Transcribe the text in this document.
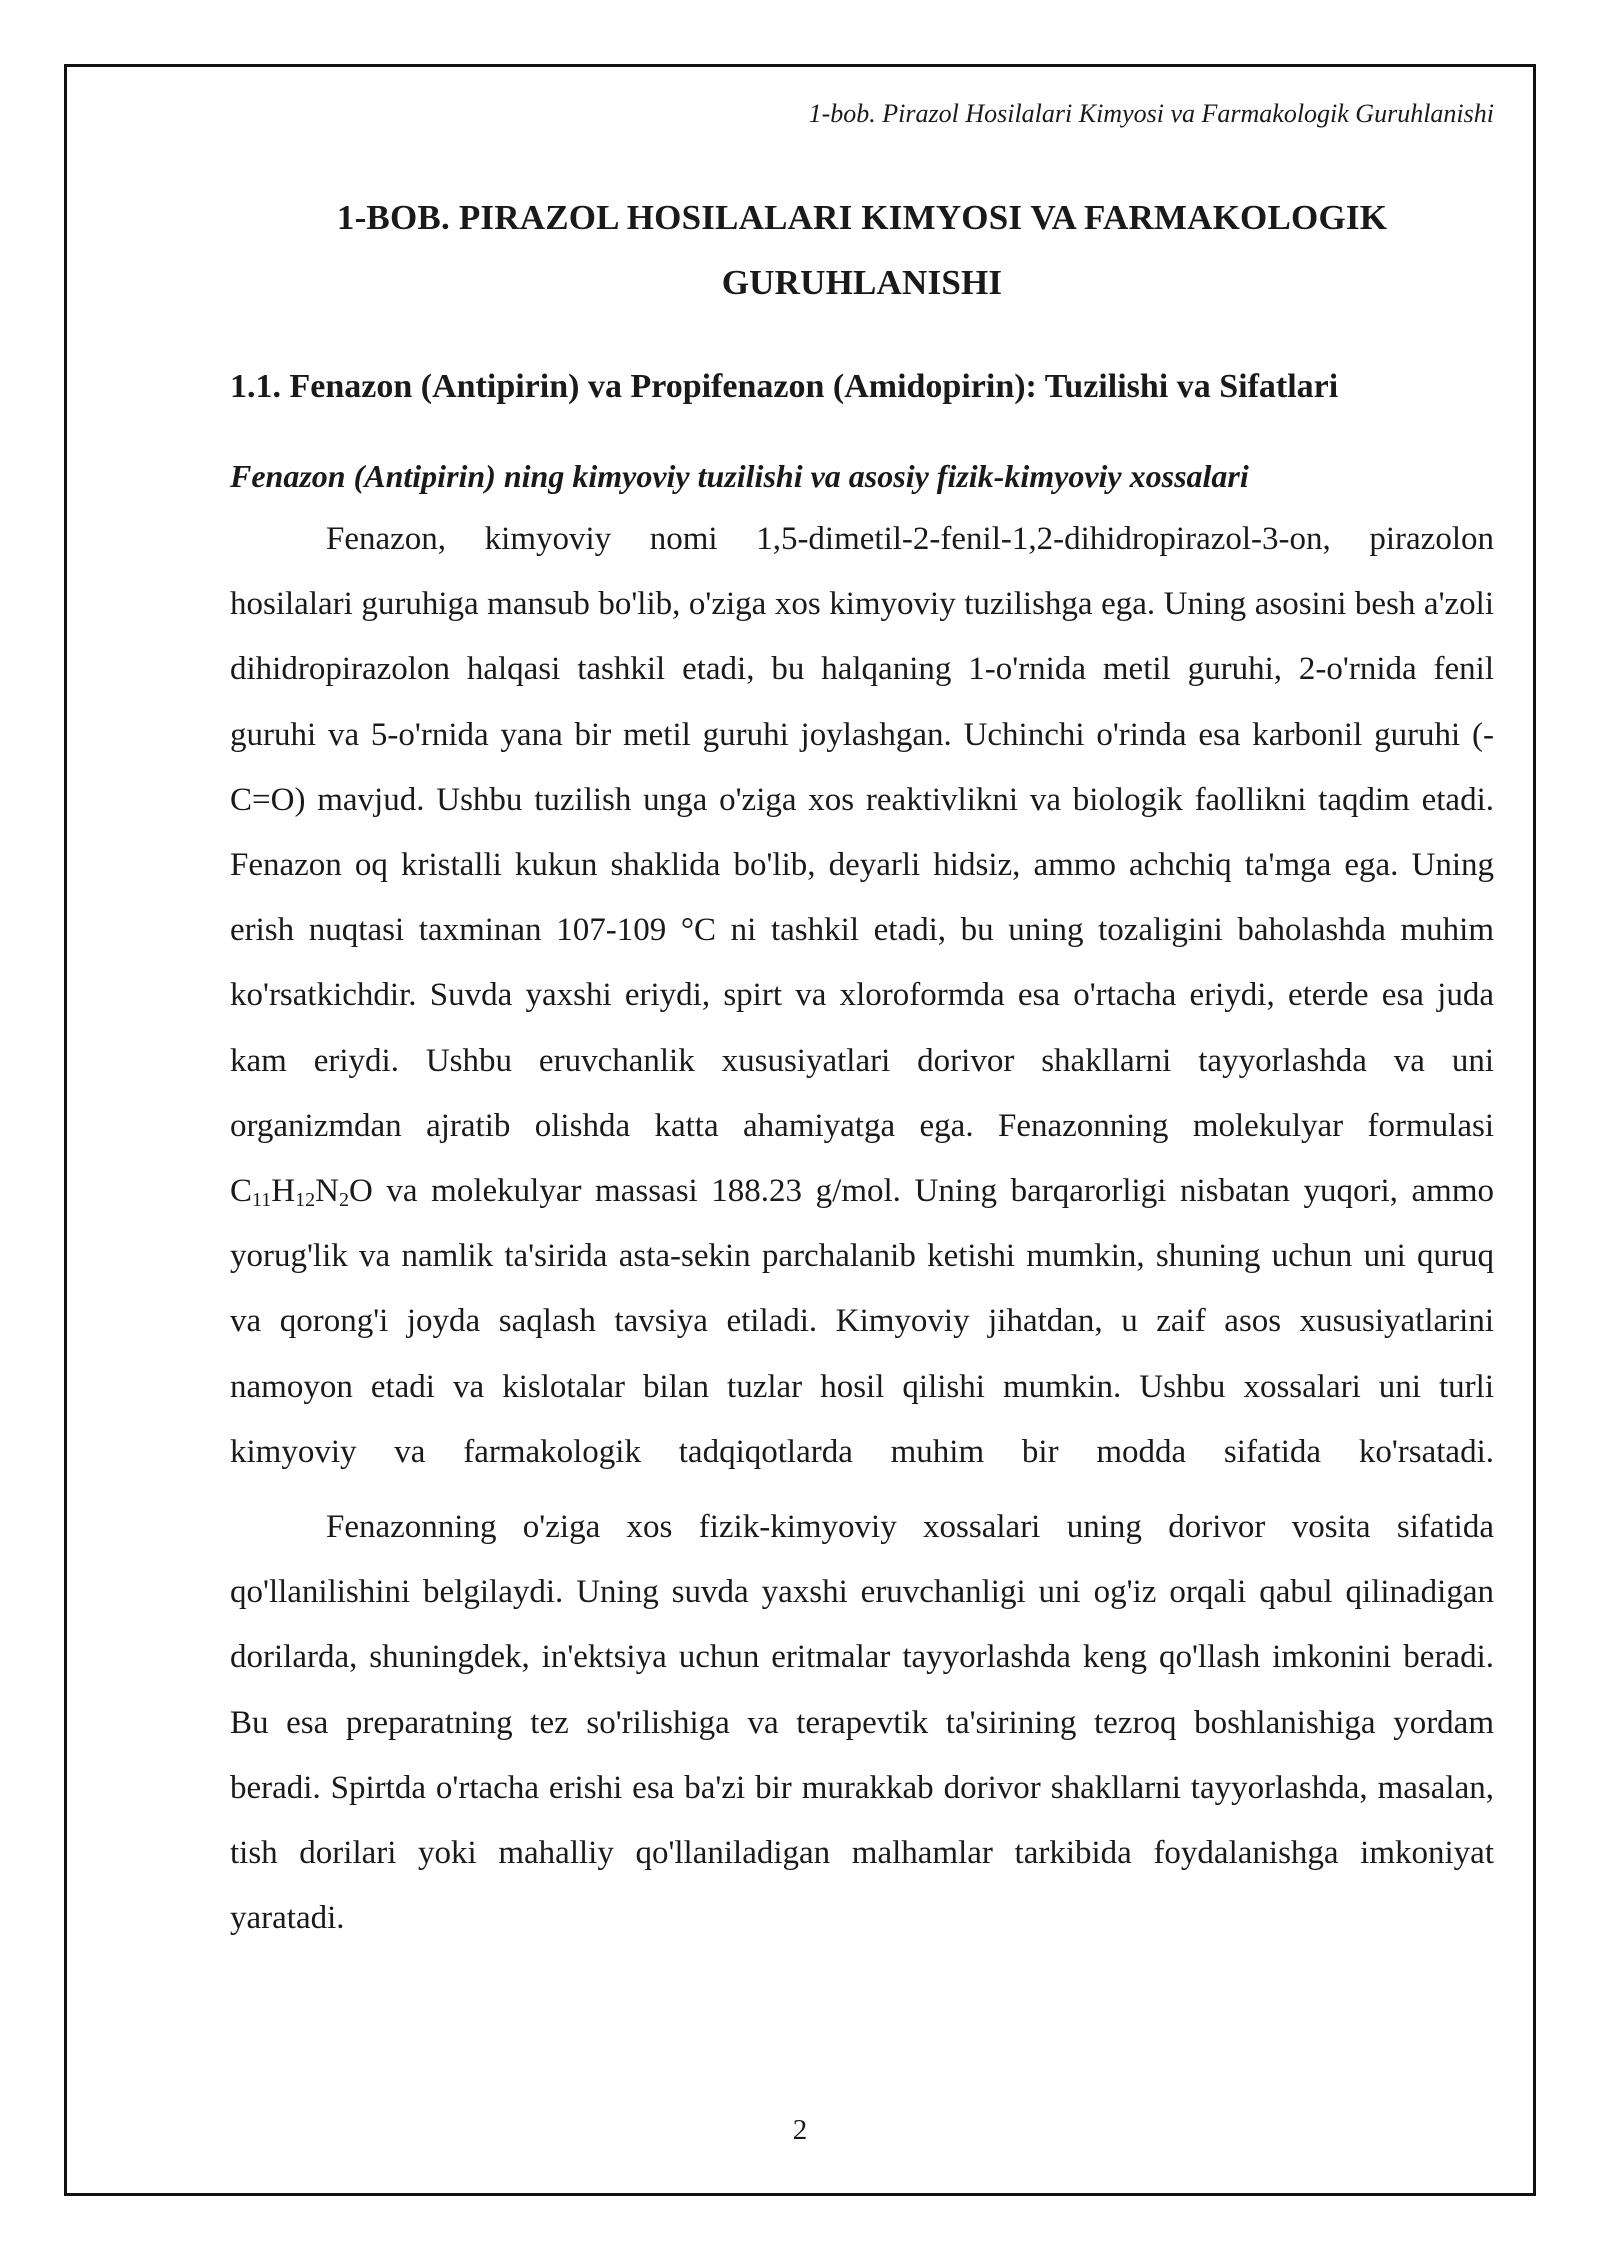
1-bob. Pirazol Hosilalari Kimyosi va Farmakologik Guruhlanishi
1-BOB. PIRAZOL HOSILALARI KIMYOSI VA FARMAKOLOGIK
GURUHLANISHI
1.1. Fenazon (Antipirin) va Propifenazon (Amidopirin): Tuzilishi va Sifatlari
Fenazon (Antipirin) ning kimyoviy tuzilishi va asosiy fizik-kimyoviy xossalari

Fenazon, kimyoviy nomi 1,5-dimetil-2-fenil-1,2-dihidropirazol-3-on, pirazolon hosilalari guruhiga mansub bo'lib, o'ziga xos kimyoviy tuzilishga ega. Uning asosini besh a'zoli dihidropirazolon halqasi tashkil etadi, bu halqaning 1-o'rnida metil guruhi, 2-o'rnida fenil guruhi va 5-o'rnida yana bir metil guruhi joylashgan. Uchinchi o'rinda esa karbonil guruhi (-C=O) mavjud. Ushbu tuzilish unga o'ziga xos reaktivlikni va biologik faollikni taqdim etadi. Fenazon oq kristalli kukun shaklida bo'lib, deyarli hidsiz, ammo achchiq ta'mga ega. Uning erish nuqtasi taxminan 107-109 °C ni tashkil etadi, bu uning tozaligini baholashda muhim ko'rsatkichdir. Suvda yaxshi eriydi, spirt va xloroformda esa o'rtacha eriydi, eterde esa juda kam eriydi. Ushbu eruvchanlik xususiyatlari dorivor shakllarni tayyorlashda va uni organizmdan ajratib olishda katta ahamiyatga ega. Fenazonning molekulyar formulasi $C_{11}H_{12}N_2O$ va molekulyar massasi 188.23 g/mol. Uning barqarorligi nisbatan yuqori, ammo yorug'lik va namlik ta'sirida asta-sekin parchalanib ketishi mumkin, shuning uchun uni quruq va qorong'i joyda saqlash tavsiya etiladi. Kimyoviy jihatdan, u zaif asos xususiyatlarini namoyon etadi va kislotalar bilan tuzlar hosil qilishi mumkin. Ushbu xossalari uni turli kimyoviy va farmakologik tadqiqotlarda muhim bir modda sifatida ko'rsatadi.

Fenazonning o'ziga xos fizik-kimyoviy xossalari uning dorivor vosita sifatida qo'llanilishini belgilaydi. Uning suvda yaxshi eruvchanligi uni og'iz orqali qabul qilinadigan dorilarda, shuningdek, in'ektsiya uchun eritmalar tayyorlashda keng qo'llash imkonini beradi. Bu esa preparatning tez so'rilishiga va terapevtik ta'sirining tezroq boshlanishiga yordam beradi. Spirtda o'rtacha erishi esa ba'zi bir murakkab dorivor shakllarni tayyorlashda, masalan, tish dorilari yoki mahalliy qo'llaniladigan malhamlar tarkibida foydalanishga imkoniyat yaratadi.

2
